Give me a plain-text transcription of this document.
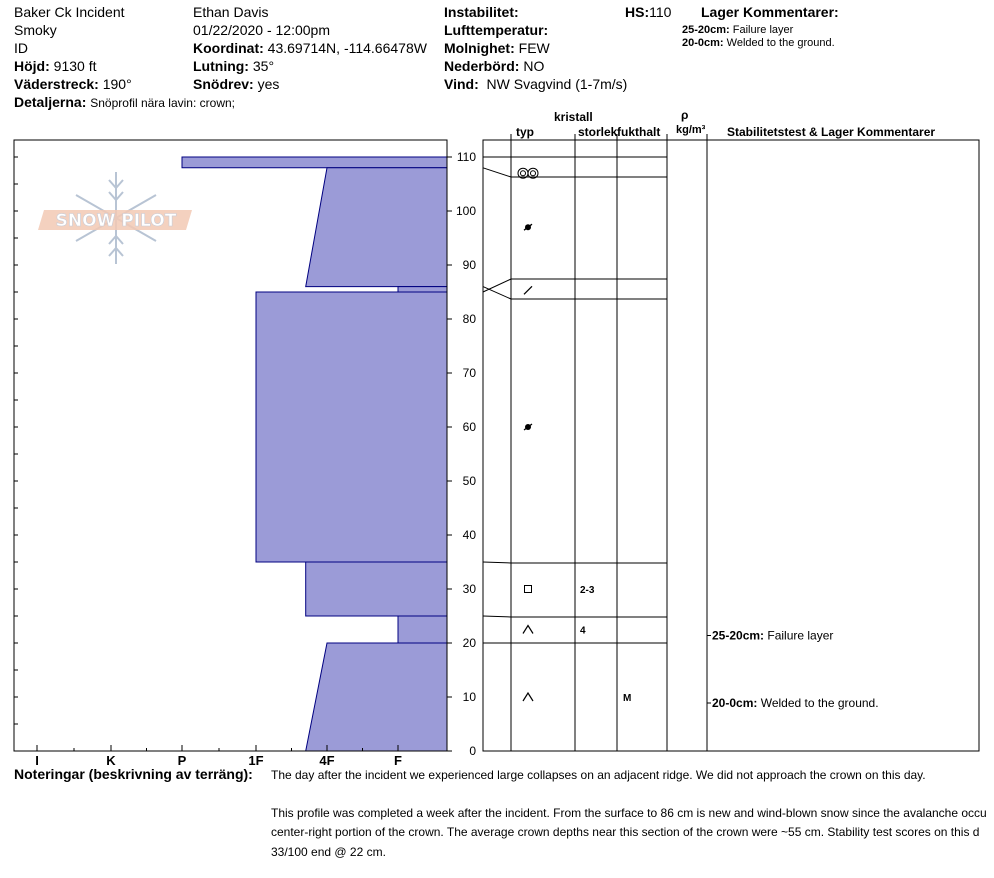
Baker Ck Incident
Smoky
ID
Höjd: 9130 ft
Väderstreck: 190°
Detaljerna: Snöprofil nära lavin: crown;
Ethan Davis
01/22/2020 - 12:00pm
Koordinat: 43.69714N, -114.66478W
Lutning: 35°
Snödrev: yes
Instabilitet:
Lufttemperatur:
Molnighet: FEW
Nederbörd: NO
Vind: NW Svagvind (1-7m/s)
HS:110 Lager Kommentarer:
25-20cm: Failure layer
20-0cm: Welded to the ground.
kristall
typ	storlek fukthalt
ρ
kg/m³ Stabilitetstest & Lager Kommentarer
SNOW PILOT
0
10
20
30
40
50
60
70
80
90
100
110
I	K	P	1F	4F	F
2-3
4
M
25-20cm: Failure layer
20-0cm: Welded to the ground.
Noteringar (beskrivning av terräng): The day after the incident we experienced large collapses on an adjacent ridge. We did not approach the crown on this day.
This profile was completed a week after the incident. From the surface to 86 cm is new and wind-blown snow since the avalanche occu
center-right portion of the crown. The average crown depths near this section of the crown were ~55 cm. Stability test scores on this d
33/100 end @ 22 cm.
